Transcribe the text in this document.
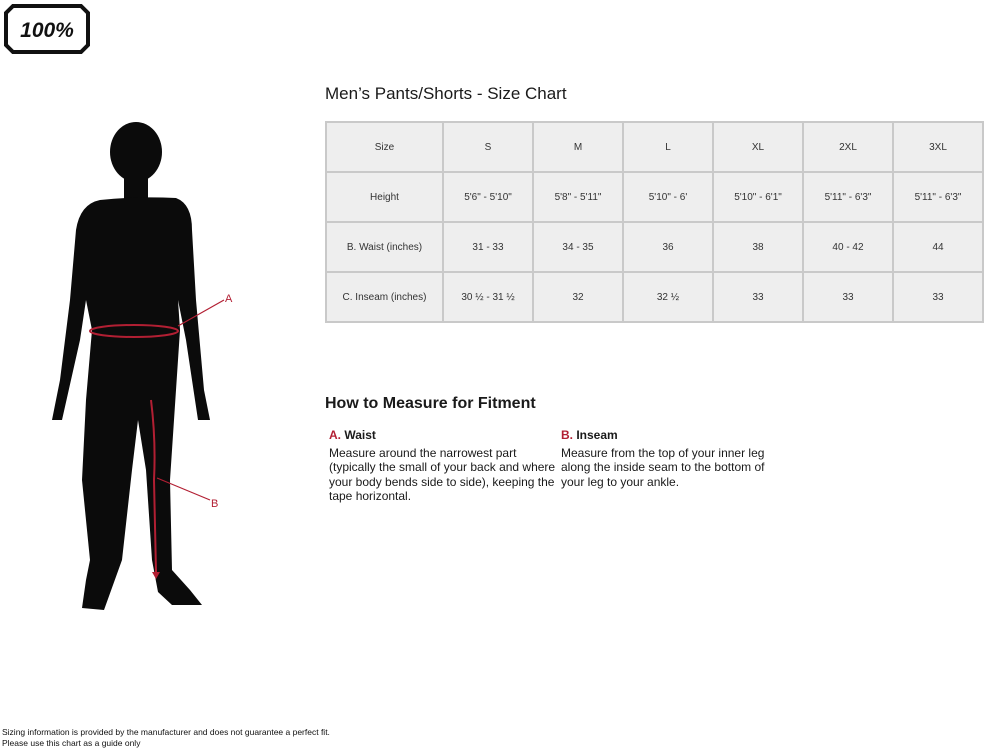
100%
Men’s Pants/Shorts - Size Chart
Size	S	M	L	XL	2XL	3XL
Height	5'6" - 5'10"	5'8" - 5'11"	5'10" - 6'	5'10" - 6'1"	5'11" - 6'3"	5'11" - 6'3"
B. Waist (inches)	31 - 33	34 - 35	36	38	40 - 42	44
C. Inseam (inches)	30 ½ - 31 ½	32	32 ½	33	33	33
A
B
How to Measure for Fitment
A. Waist
Measure around the narrowest part (typically the small of your back and where your body bends side to side), keeping the tape horizontal.
B. Inseam
Measure from the top of your inner leg along the inside seam to the bottom of your leg to your ankle.
Sizing information is provided by the manufacturer and does not guarantee a perfect fit.
Please use this chart as a guide only
